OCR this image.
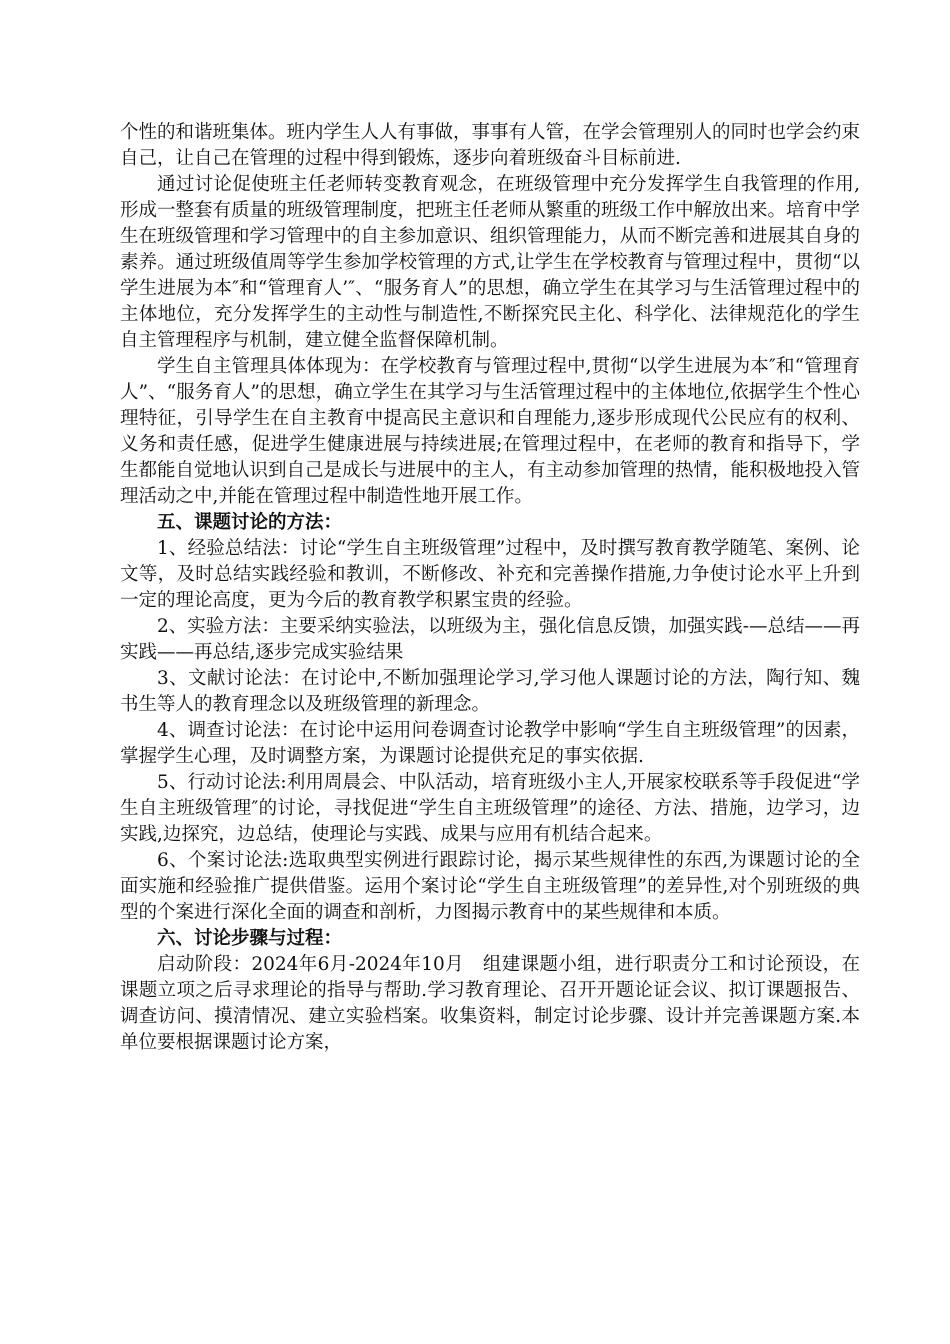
个性的和谐班集体。班内学生人人有事做，事事有人管，在学会管理别人的同时也学会约束自己，让自己在管理的过程中得到锻炼，逐步向着班级奋斗目标前进.

通过讨论促使班主任老师转变教育观念，在班级管理中充分发挥学生自我管理的作用,形成一整套有质量的班级管理制度，把班主任老师从繁重的班级工作中解放出来。培育中学生在班级管理和学习管理中的自主参加意识、组织管理能力，从而不断完善和进展其自身的素养。通过班级值周等学生参加学校管理的方式,让学生在学校教育与管理过程中，贯彻“以学生进展为本″和“管理育人’″、“服务育人”的思想，确立学生在其学习与生活管理过程中的主体地位，充分发挥学生的主动性与制造性,不断探究民主化、科学化、法律规范化的学生自主管理程序与机制，建立健全监督保障机制。

学生自主管理具体体现为：在学校教育与管理过程中,贯彻“以学生进展为本″和“管理育人”、“服务育人”的思想，确立学生在其学习与生活管理过程中的主体地位,依据学生个性心理特征，引导学生在自主教育中提高民主意识和自理能力,逐步形成现代公民应有的权利、义务和责任感，促进学生健康进展与持续进展;在管理过程中，在老师的教育和指导下，学生都能自觉地认识到自己是成长与进展中的主人，有主动参加管理的热情，能积极地投入管理活动之中,并能在管理过程中制造性地开展工作。

五、课题讨论的方法：

1、经验总结法：讨论“学生自主班级管理”过程中，及时撰写教育教学随笔、案例、论文等，及时总结实践经验和教训，不断修改、补充和完善操作措施,力争使讨论水平上升到一定的理论高度，更为今后的教育教学积累宝贵的经验。

2、实验方法：主要采纳实验法，以班级为主，强化信息反馈，加强实践-—总结——再实践——再总结,逐步完成实验结果

3、文献讨论法：在讨论中,不断加强理论学习,学习他人课题讨论的方法，陶行知、魏书生等人的教育理念以及班级管理的新理念。

4、调查讨论法：在讨论中运用问卷调查讨论教学中影响“学生自主班级管理”的因素，掌握学生心理，及时调整方案，为课题讨论提供充足的事实依据.

5、行动讨论法:利用周晨会、中队活动，培育班级小主人,开展家校联系等手段促进“学生自主班级管理″的讨论，寻找促进“学生自主班级管理”的途径、方法、措施，边学习，边实践,边探究，边总结，使理论与实践、成果与应用有机结合起来。

6、个案讨论法:选取典型实例进行跟踪讨论，揭示某些规律性的东西,为课题讨论的全面实施和经验推广提供借鉴。运用个案讨论“学生自主班级管理”的差异性,对个别班级的典型的个案进行深化全面的调查和剖析，力图揭示教育中的某些规律和本质。

六、讨论步骤与过程：

启动阶段：2024年6月-2024年10月　组建课题小组，进行职责分工和讨论预设，在课题立项之后寻求理论的指导与帮助.学习教育理论、召开开题论证会议、拟订课题报告、调查访问、摸清情况、建立实验档案。收集资料，制定讨论步骤、设计并完善课题方案.本单位要根据课题讨论方案，
